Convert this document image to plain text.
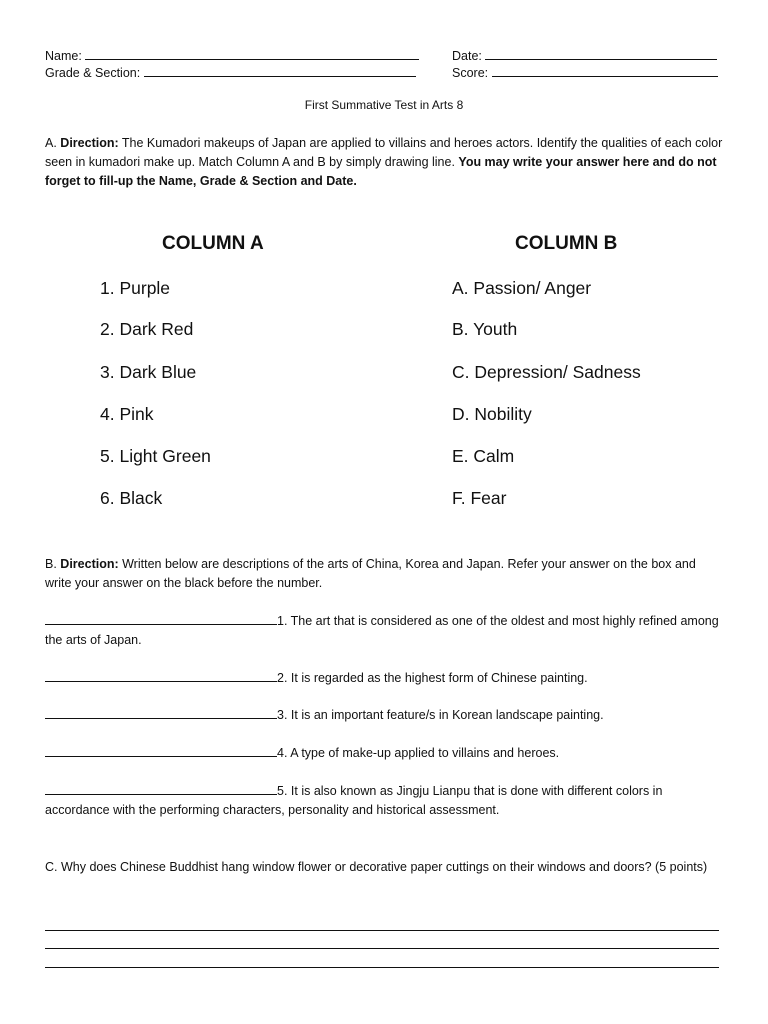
Name:
Grade & Section:
Date:
Score:
First Summative Test in Arts 8
A. Direction: The Kumadori makeups of Japan are applied to villains and heroes actors. Identify the qualities of each color seen in kumadori make up. Match Column A and B by simply drawing line. You may write your answer here and do not forget to fill-up the Name, Grade & Section and Date.
COLUMN A	COLUMN B
1. Purple
2. Dark Red
3. Dark Blue
4. Pink
5. Light Green
6. Black
A. Passion/ Anger
B. Youth
C. Depression/ Sadness
D. Nobility
E. Calm
F. Fear
B. Direction: Written below are descriptions of the arts of China, Korea and Japan. Refer your answer on the box and write your answer on the black before the number.
1. The art that is considered as one of the oldest and most highly refined among the arts of Japan.
2. It is regarded as the highest form of Chinese painting.
3. It is an important feature/s in Korean landscape painting.
4. A type of make-up applied to villains and heroes.
5. It is also known as Jingju Lianpu that is done with different colors in accordance with the performing characters, personality and historical assessment.
C. Why does Chinese Buddhist hang window flower or decorative paper cuttings on their windows and doors? (5 points)
